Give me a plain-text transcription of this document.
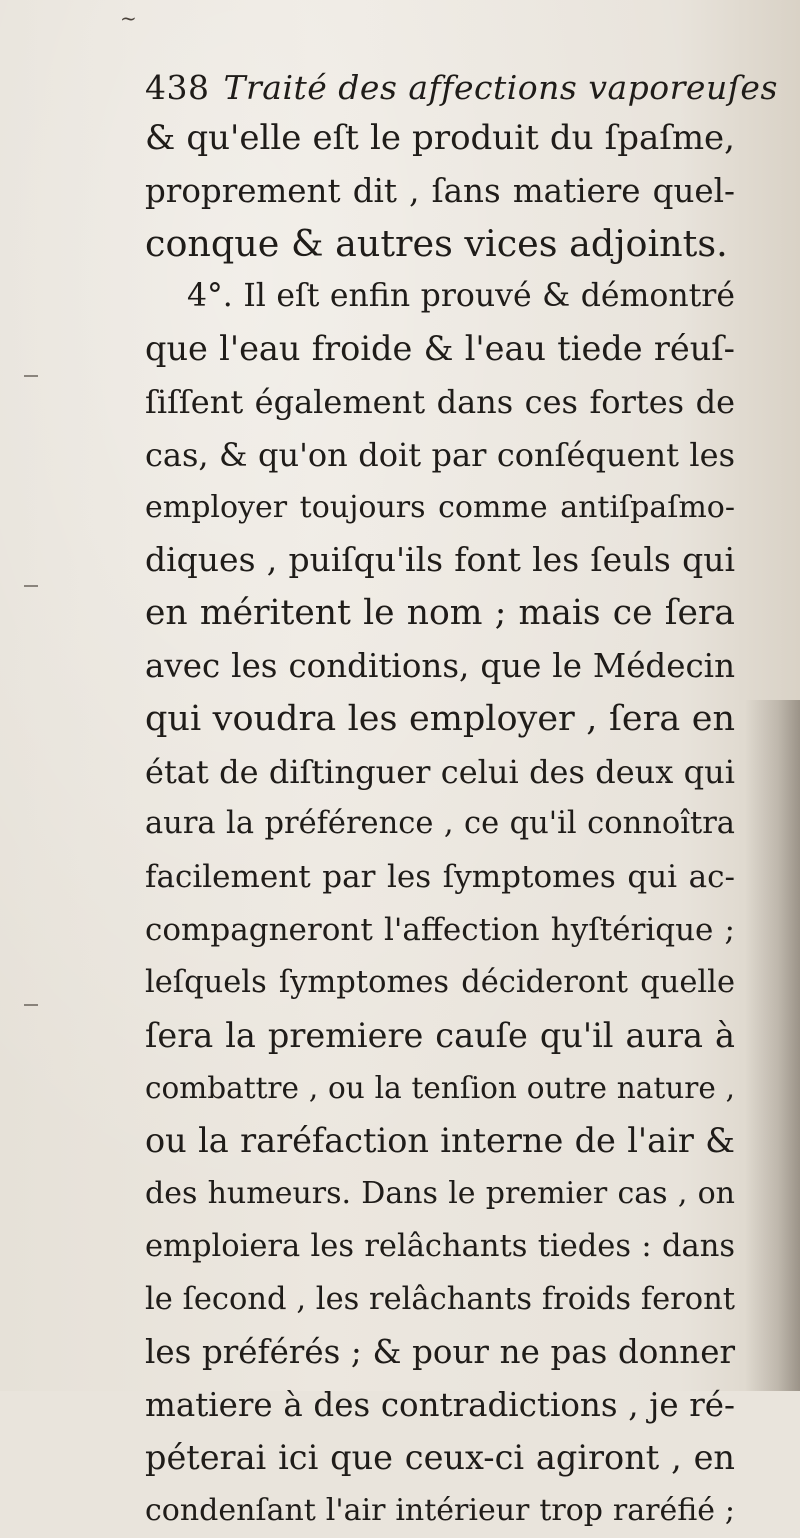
~
438 Traité des affections vaporeuſes
& qu'elle eſt le produit du ſpaſme,
proprement dit , ſans matiere quel-
conque & autres vices adjoints.
4°. Il eſt enfin prouvé & démontré
que l'eau froide & l'eau tiede réuſ-
ſiſſent également dans ces fortes de
cas, & qu'on doit par conſéquent les
employer toujours comme antiſpaſmo-
diques , puiſqu'ils font les ſeuls qui
en méritent le nom ; mais ce ſera
avec les conditions, que le Médecin
qui voudra les employer , ſera en
état de diſtinguer celui des deux qui
aura la préférence , ce qu'il connoîtra
facilement par les ſymptomes qui ac-
compagneront l'affection hyſtérique ;
leſquels ſymptomes décideront quelle
ſera la premiere cauſe qu'il aura à
combattre , ou la tenſion outre nature ,
ou la raréfaction interne de l'air &
des humeurs. Dans le premier cas , on
emploiera les relâchants tiedes : dans
le ſecond , les relâchants froids feront
les préférés ; & pour ne pas donner
matiere à des contradictions , je ré-
péterai ici que ceux-ci agiront , en
condenſant l'air intérieur trop raréfié ;
